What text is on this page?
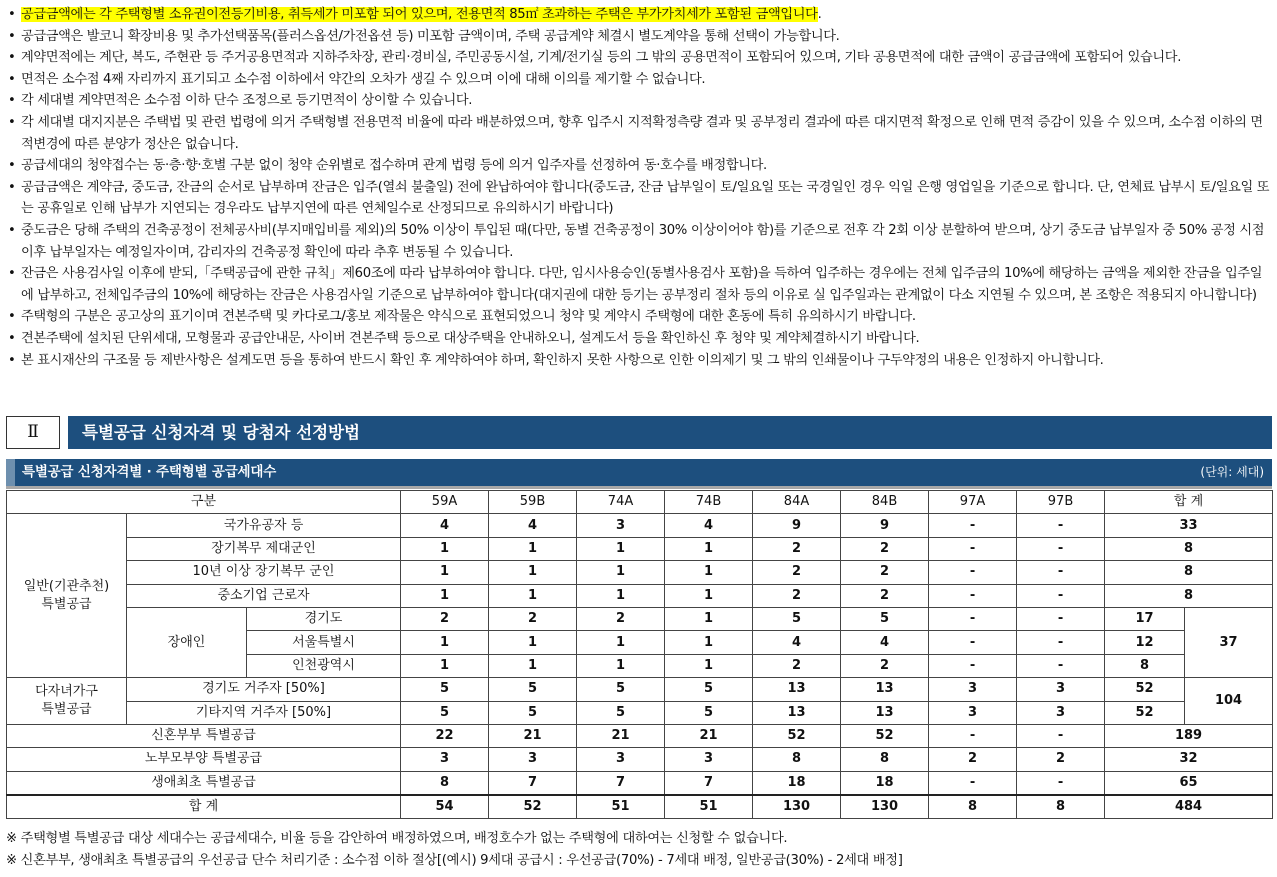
• 공급금액에는 각 주택형별 소유권이전등기비용, 취득세가 미포함 되어 있으며, 전용면적 85㎡ 초과하는 주택은 부가가치세가 포함된 금액입니다.
• 공급금액은 발코니 확장비용 및 추가선택품목(플러스옵션/가전옵션 등) 미포함 금액이며, 주택 공급계약 체결시 별도계약을 통해 선택이 가능합니다.
• 계약면적에는 계단, 복도, 주현관 등 주거공용면적과 지하주차장, 관리·경비실, 주민공동시설, 기계/전기실 등의 그 밖의 공용면적이 포함되어 있으며, 기타 공용면적에 대한 금액이 공급금액에 포함되어 있습니다.
• 면적은 소수점 4째 자리까지 표기되고 소수점 이하에서 약간의 오차가 생길 수 있으며 이에 대해 이의를 제기할 수 없습니다.
• 각 세대별 계약면적은 소수점 이하 단수 조정으로 등기면적이 상이할 수 있습니다.
• 각 세대별 대지지분은 주택법 및 관련 법령에 의거 주택형별 전용면적 비율에 따라 배분하였으며, 향후 입주시 지적확정측량 결과 및 공부정리 결과에 따른 대지면적 확정으로 인해 면적 증감이 있을 수 있으며, 소수점 이하의 면적변경에 따른 분양가 정산은 없습니다.
• 공급세대의 청약접수는 동·층·향·호별 구분 없이 청약 순위별로 접수하며 관계 법령 등에 의거 입주자를 선정하여 동·호수를 배정합니다.
• 공급금액은 계약금, 중도금, 잔금의 순서로 납부하며 잔금은 입주(열쇠 불출일) 전에 완납하여야 합니다(중도금, 잔금 납부일이 토/일요일 또는 국경일인 경우 익일 은행 영업일을 기준으로 합니다. 단, 연체료 납부시 토/일요일 또는 공휴일로 인해 납부가 지연되는 경우라도 납부지연에 따른 연체일수로 산정되므로 유의하시기 바랍니다)
• 중도금은 당해 주택의 건축공정이 전체공사비(부지매입비를 제외)의 50% 이상이 투입된 때(다만, 동별 건축공정이 30% 이상이어야 함)를 기준으로 전후 각 2회 이상 분할하여 받으며, 상기 중도금 납부일자 중 50% 공정 시점 이후 납부일자는 예정일자이며, 감리자의 건축공정 확인에 따라 추후 변동될 수 있습니다.
• 잔금은 사용검사일 이후에 받되,「주택공급에 관한 규칙」제60조에 따라 납부하여야 합니다. 다만, 임시사용승인(동별사용검사 포함)을 득하여 입주하는 경우에는 전체 입주금의 10%에 해당하는 금액을 제외한 잔금을 입주일에 납부하고, 전체입주금의 10%에 해당하는 잔금은 사용검사일 기준으로 납부하여야 합니다(대지권에 대한 등기는 공부정리 절차 등의 이유로 실 입주일과는 관계없이 다소 지연될 수 있으며, 본 조항은 적용되지 아니합니다)
• 주택형의 구분은 공고상의 표기이며 견본주택 및 카다로그/홍보 제작물은 약식으로 표현되었으니 청약 및 계약시 주택형에 대한 혼동에 특히 유의하시기 바랍니다.
• 견본주택에 설치된 단위세대, 모형물과 공급안내문, 사이버 견본주택 등으로 대상주택을 안내하오니, 설계도서 등을 확인하신 후 청약 및 계약체결하시기 바랍니다.
• 본 표시재산의 구조물 등 제반사항은 설계도면 등을 통하여 반드시 확인 후 계약하여야 하며, 확인하지 못한 사항으로 인한 이의제기 및 그 밖의 인쇄물이나 구두약정의 내용은 인정하지 아니합니다.
Ⅱ	특별공급 신청자격 및 당첨자 선정방법
특별공급 신청자격별 · 주택형별 공급세대수	(단위: 세대)
구분			59A	59B	74A	74B	84A	84B	97A	97B	합 계	
일반(기관추천)
특별공급	국가유공자 등		4	4	3	4	9	9	-	-	33	
	장기복무 제대군인		1	1	1	1	2	2	-	-	8	
	10년 이상 장기복무 군인		1	1	1	1	2	2	-	-	8	
	중소기업 근로자		1	1	1	1	2	2	-	-	8	
	장애인	경기도	2	2	2	1	5	5	-	-	17	37
		서울특별시	1	1	1	1	4	4	-	-	12	
		인천광역시	1	1	1	1	2	2	-	-	8	
다자녀가구
특별공급	경기도 거주자 [50%]		5	5	5	5	13	13	3	3	52	104
	기타지역 거주자 [50%]		5	5	5	5	13	13	3	3	52	
신혼부부 특별공급			22	21	21	21	52	52	-	-	189	
노부모부양 특별공급			3	3	3	3	8	8	2	2	32	
생애최초 특별공급			8	7	7	7	18	18	-	-	65	
합 계			54	52	51	51	130	130	8	8	484	
※ 주택형별 특별공급 대상 세대수는 공급세대수, 비율 등을 감안하여 배정하였으며, 배정호수가 없는 주택형에 대하여는 신청할 수 없습니다.
※ 신혼부부, 생애최초 특별공급의 우선공급 단수 처리기준 : 소수점 이하 절상[(예시) 9세대 공급시 : 우선공급(70%) - 7세대 배정, 일반공급(30%) - 2세대 배정]
